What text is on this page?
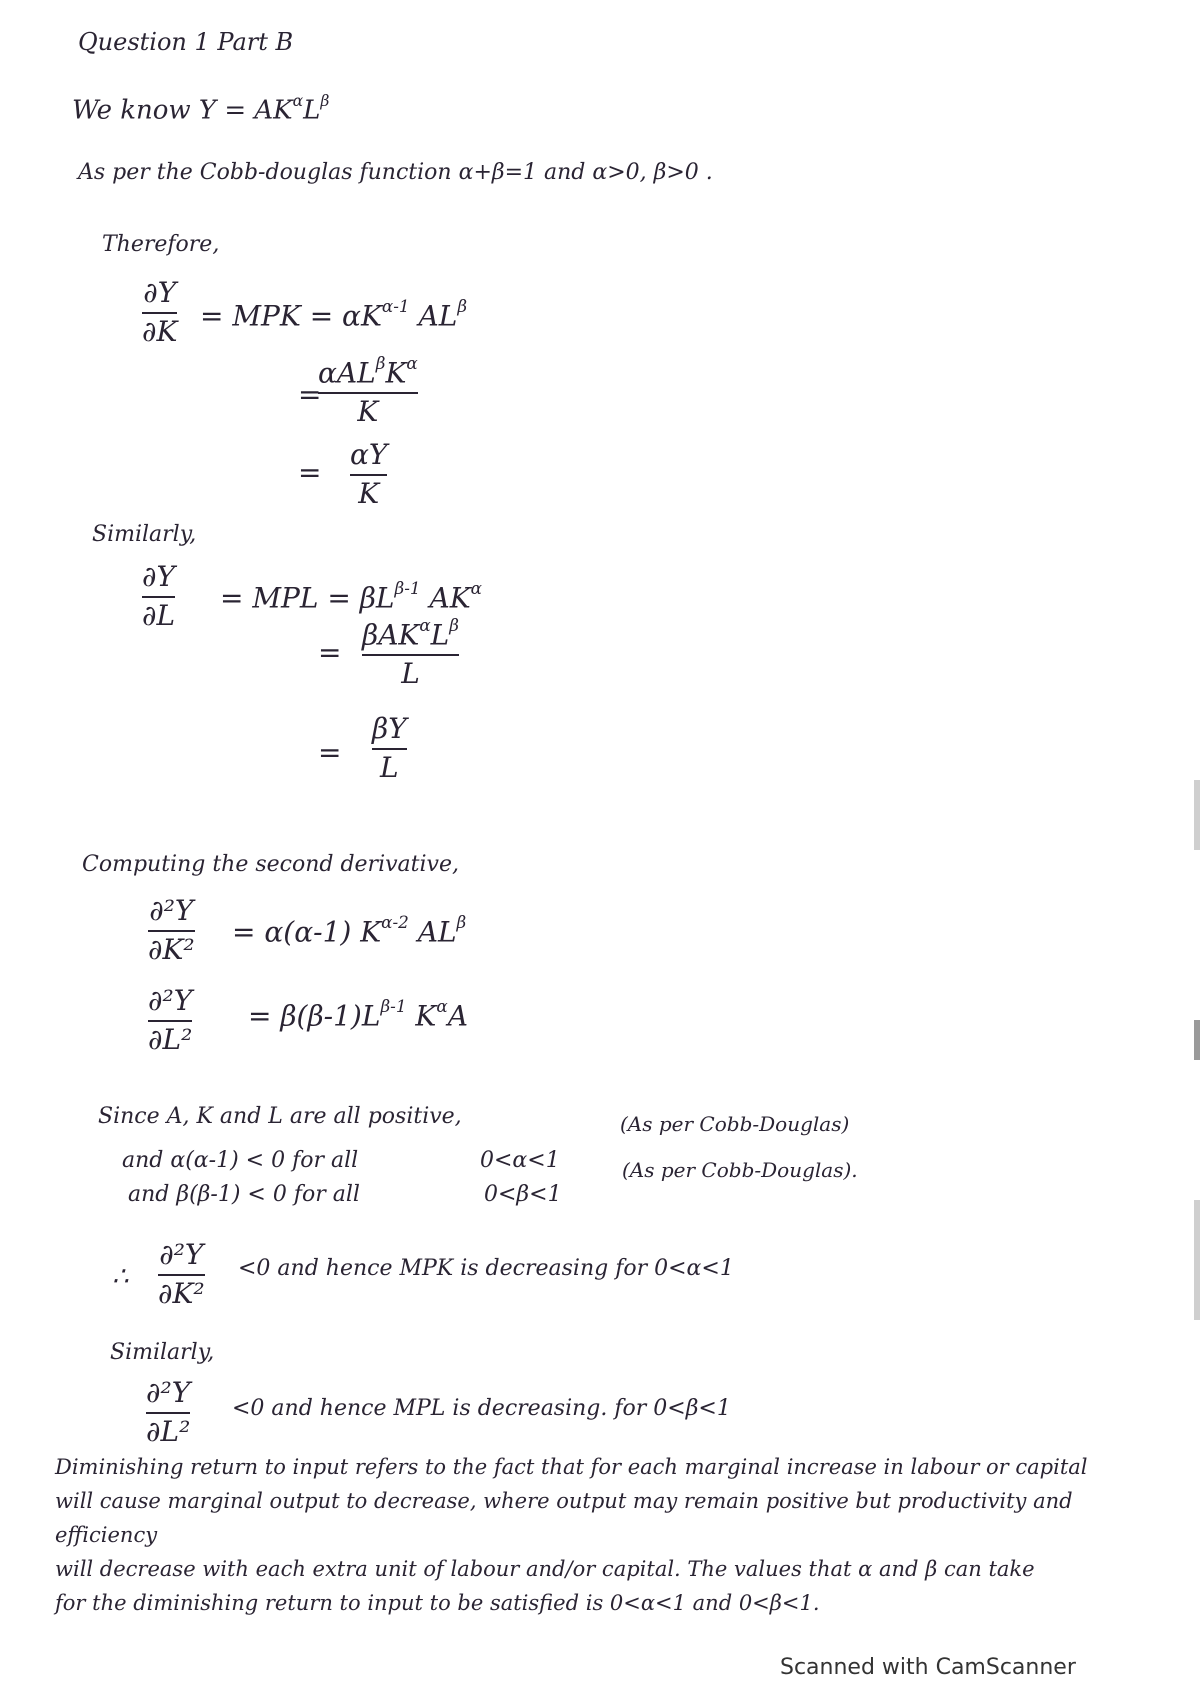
Question 1 Part B
We know $Y = AK^\alpha L^\beta$
As per the Cobb-douglas function α+β=1 and α>0, β>0 .
Therefore,
∂Y
∂K = MPK = $\alpha K^{\alpha-1}$ $AL^\beta$
=
$\alpha AL^\beta K^\alpha$
K
=
αY
K
Similarly,
∂Y
∂L
= MPL = $\beta L^{\beta-1}$ $AK^\alpha$
=
$\beta AK^\alpha L^\beta$
L
=
βY
L
Computing the second derivative,
∂²Y
∂K²
= α(α-1) $K^{\alpha-2}$ $AL^\beta$
∂²Y
∂L²
= $\beta(\beta-1)L^{\beta-1}$ $K^\alpha A$
Since A, K and L are all positive,
and α(α-1) < 0 for all	0<α<1
(As per Cobb-Douglas)
and β(β-1) < 0 for all	0<β<1
(As per Cobb-Douglas).
∴
∂²Y
∂K²
<0 and hence MPK is decreasing for 0<α<1
Similarly,
∂²Y
∂L²
<0 and hence MPL is decreasing. for 0<β<1
Diminishing return to input refers to the fact that for each marginal increase in labour or capital
will cause marginal output to decrease, where output may remain positive but productivity and efficiency
will decrease with each extra unit of labour and/or capital. The values that α and β can take
for the diminishing return to input to be satisfied is 0<α<1 and 0<β<1.
Scanned with CamScanner
